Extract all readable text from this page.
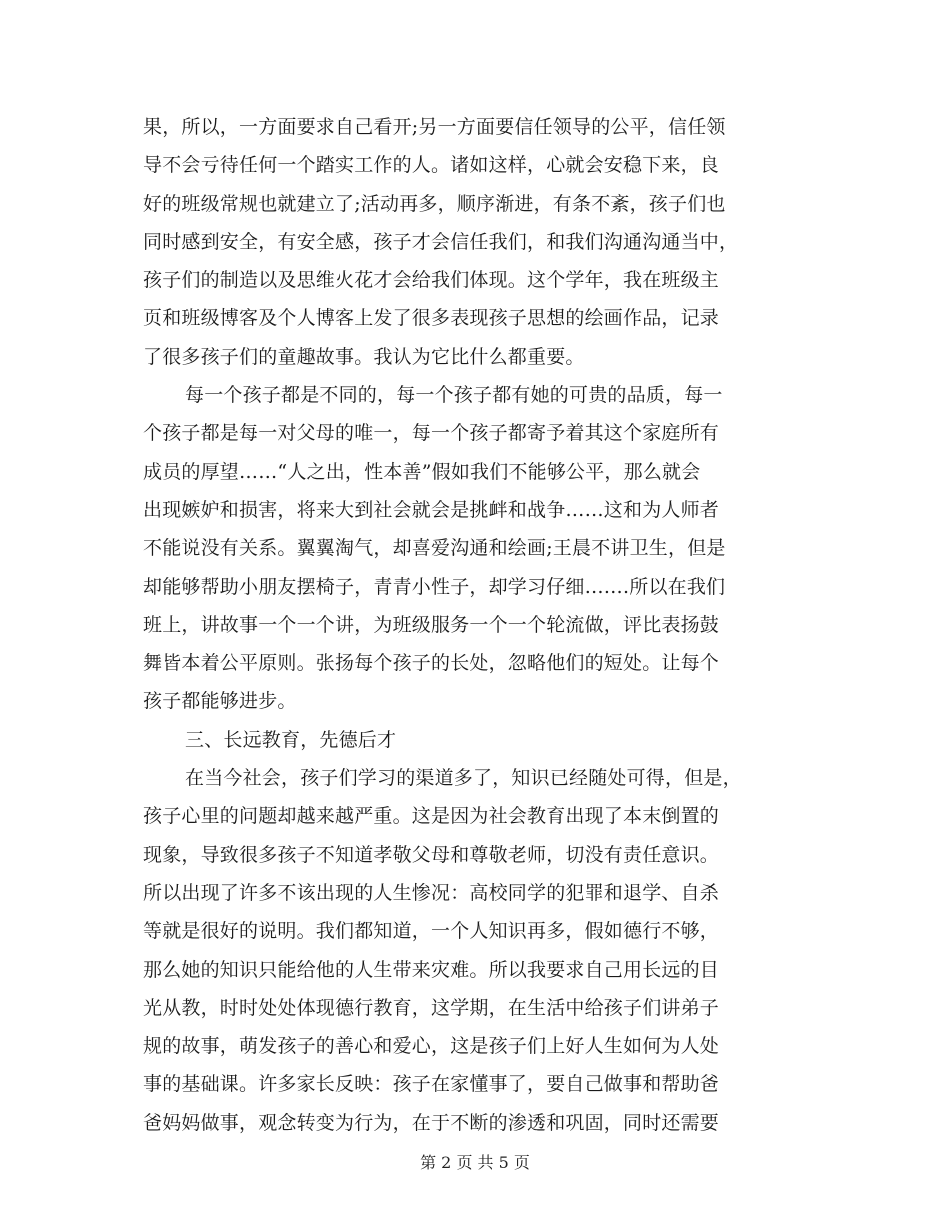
果，所以，一方面要求自己看开;另一方面要信任领导的公平，信任领
导不会亏待任何一个踏实工作的人。诸如这样，心就会安稳下来，良
好的班级常规也就建立了;活动再多，顺序渐进，有条不紊，孩子们也
同时感到安全，有安全感，孩子才会信任我们，和我们沟通沟通当中，
孩子们的制造以及思维火花才会给我们体现。这个学年，我在班级主
页和班级博客及个人博客上发了很多表现孩子思想的绘画作品，记录
了很多孩子们的童趣故事。我认为它比什么都重要。
每一个孩子都是不同的，每一个孩子都有她的可贵的品质，每一
个孩子都是每一对父母的唯一，每一个孩子都寄予着其这个家庭所有
成员的厚望……“人之出，性本善”假如我们不能够公平，那么就会
出现嫉妒和损害，将来大到社会就会是挑衅和战争……这和为人师者
不能说没有关系。翼翼淘气，却喜爱沟通和绘画;王晨不讲卫生，但是
却能够帮助小朋友摆椅子，青青小性子，却学习仔细…….所以在我们
班上，讲故事一个一个讲，为班级服务一个一个轮流做，评比表扬鼓
舞皆本着公平原则。张扬每个孩子的长处，忽略他们的短处。让每个
孩子都能够进步。
三、长远教育，先德后才
在当今社会，孩子们学习的渠道多了，知识已经随处可得，但是，
孩子心里的问题却越来越严重。这是因为社会教育出现了本末倒置的
现象，导致很多孩子不知道孝敬父母和尊敬老师，切没有责任意识。
所以出现了许多不该出现的人生惨况：高校同学的犯罪和退学、自杀
等就是很好的说明。我们都知道，一个人知识再多，假如德行不够，
那么她的知识只能给他的人生带来灾难。所以我要求自己用长远的目
光从教，时时处处体现德行教育，这学期，在生活中给孩子们讲弟子
规的故事，萌发孩子的善心和爱心，这是孩子们上好人生如何为人处
事的基础课。许多家长反映：孩子在家懂事了，要自己做事和帮助爸
爸妈妈做事，观念转变为行为，在于不断的渗透和巩固，同时还需要
第 2 页 共 5 页
